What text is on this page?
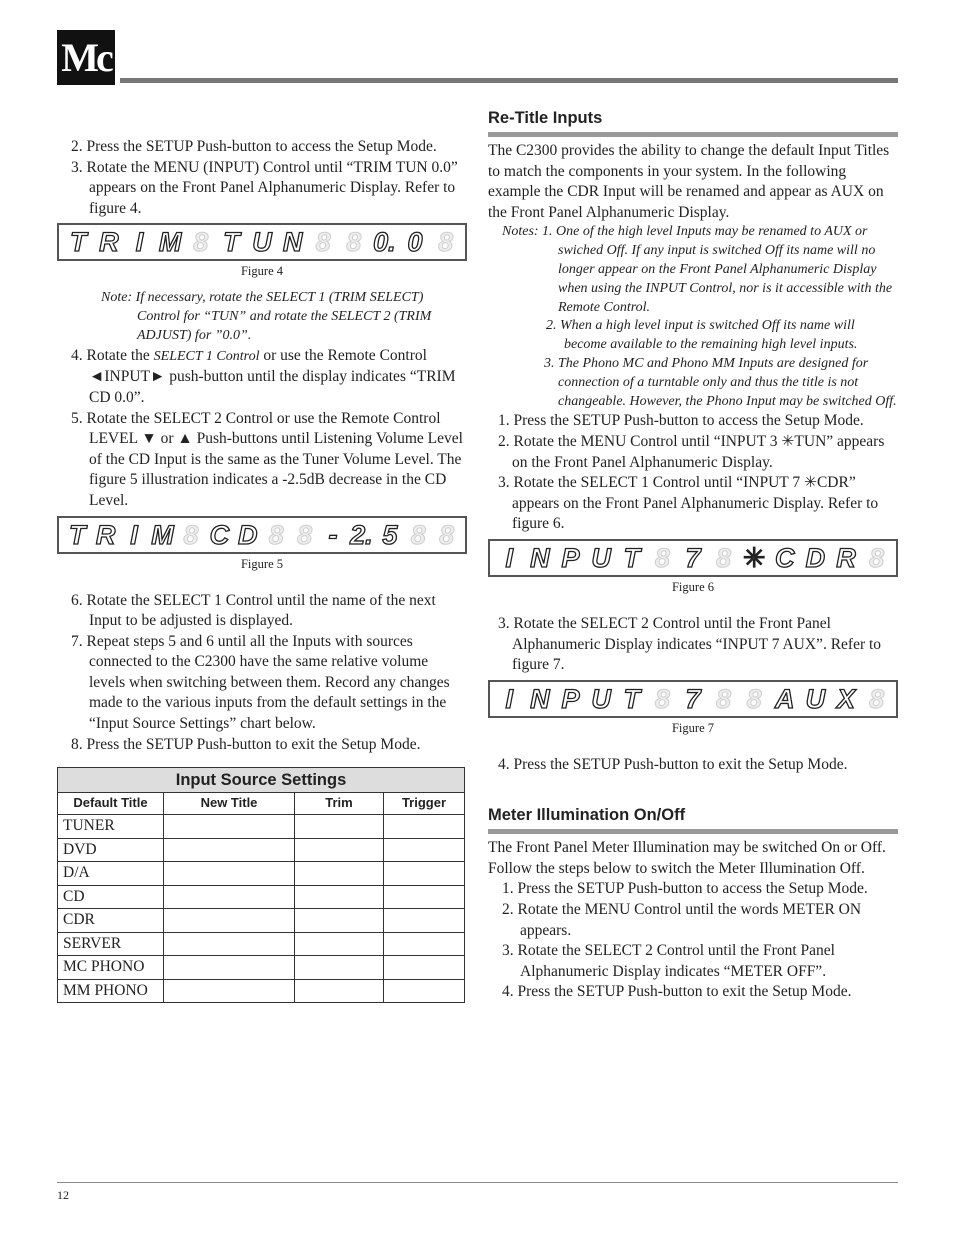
Mc

2. Press the SETUP Push-button to access the Setup Mode.

3. Rotate the MENU (INPUT) Control until “TRIM TUN 0.0” appears on the Front Panel Alphanumeric Display. Refer to figure 4.

T R I M 8 T U N 8 8	0. 0
8
Figure 4

Note: If necessary, rotate the SELECT 1 (TRIM SELECT) Control for “TUN” and rotate the SELECT 2 (TRIM ADJUST) for ”0.0”.

4. Rotate the SELECT 1 Control or use the Remote Control ◄INPUT► push-button until the display indicates “TRIM CD 0.0”.

5. Rotate the SELECT 2 Control or use the Remote Control LEVEL ▼ or ▲ Push-buttons until Listening Volume Level of the CD Input is the same as the Tuner Volume Level. The figure 5 illustration indicates a -2.5dB decrease in the CD Level.

T R I M 8 C D 8 8	- 2. 5
8
8
Figure 5

6. Rotate the SELECT 1 Control until the name of the next Input to be adjusted is displayed.

7. Repeat steps 5 and 6 until all the Inputs with sources connected to the C2300 have the same relative volume levels when switching between them. Record any changes made to the various inputs from the default settings in the “Input Source Settings” chart below.

8. Press the SETUP Push-button to exit the Setup Mode.

Input Source Settings			
Default Title	New Title	Trim	Trigger
TUNER			
DVD			
D/A			
CD			
CDR			
SERVER			
MC PHONO			
MM PHONO			
Re-Title Inputs

The C2300 provides the ability to change the default Input Titles to match the components in your system. In the following example the CDR Input will be renamed and appear as AUX on the Front Panel Alphanumeric Display.

Notes: 1. One of the high level Inputs may be renamed to AUX or swiched Off. If any input is switched Off its name will no longer appear on the Front Panel Alphanumeric Display when using the INPUT Control, nor is it accessible with the Remote Control.

2. When a high level input is switched Off its name will become available to the remaining high level inputs.

3. The Phono MC and Phono MM Inputs are designed for connection of a turntable only and thus the title is not changeable. However, the Phono Input may be switched Off.

1. Press the SETUP Push-button to access the Setup Mode.

2. Rotate the MENU Control until “INPUT 3 ✳TUN” appears on the Front Panel Alphanumeric Display.

3. Rotate the SELECT 1 Control until “INPUT 7 ✳CDR” appears on the Front Panel Alphanumeric Display. Refer to figure 6.

I N P U T 8 7 8 ✳ C D R
8
Figure 6

3. Rotate the SELECT 2 Control until the Front Panel Alphanumeric Display indicates “INPUT 7 AUX”. Refer to figure 7.

I N P U T 8 7 8 8	A U X
8
Figure 7

4. Press the SETUP Push-button to exit the Setup Mode.

Meter Illumination On/Off

The Front Panel Meter Illumination may be switched On or Off. Follow the steps below to switch the Meter Illumination Off.

1. Press the SETUP Push-button to access the Setup Mode.

2. Rotate the MENU Control until the words METER ON appears.

3. Rotate the SELECT 2 Control until the Front Panel Alphanumeric Display indicates “METER OFF”.

4. Press the SETUP Push-button to exit the Setup Mode.

12
